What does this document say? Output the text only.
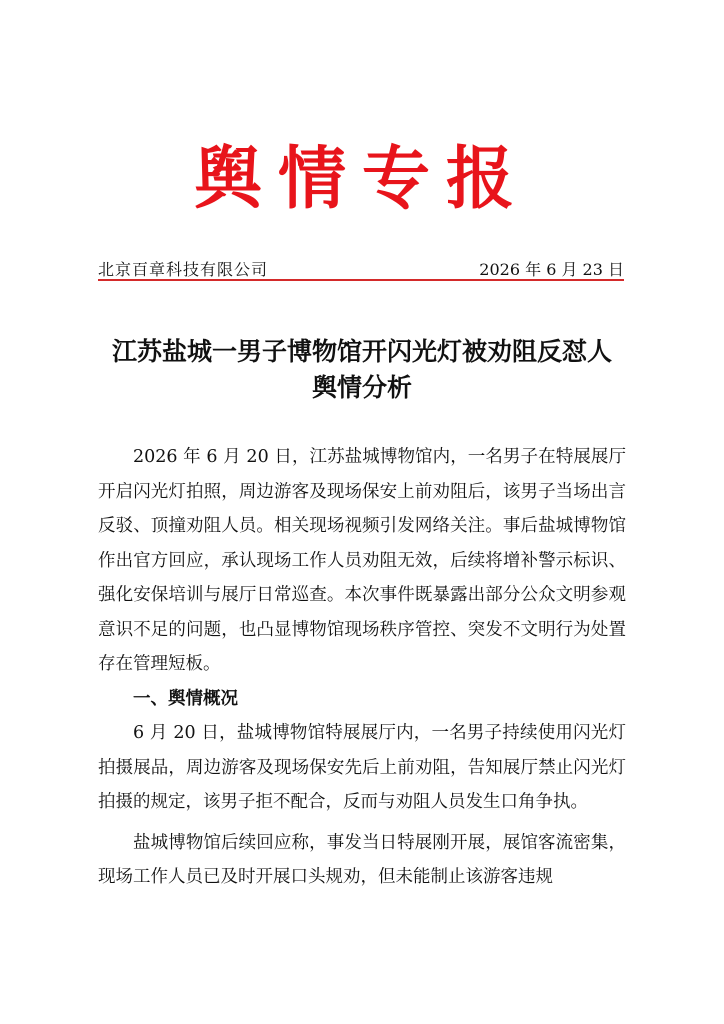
舆情专报
北京百章科技有限公司	2026 年 6 月 23 日
江苏盐城一男子博物馆开闪光灯被劝阻反怼人
舆情分析

2026 年 6 月 20 日，江苏盐城博物馆内，一名男子在特展展厅开启闪光灯拍照，周边游客及现场保安上前劝阻后，该男子当场出言反驳、顶撞劝阻人员。相关现场视频引发网络关注。事后盐城博物馆作出官方回应，承认现场工作人员劝阻无效，后续将增补警示标识、强化安保培训与展厅日常巡查。本次事件既暴露出部分公众文明参观意识不足的问题，也凸显博物馆现场秩序管控、突发不文明行为处置存在管理短板。

一、舆情概况

6 月 20 日，盐城博物馆特展展厅内，一名男子持续使用闪光灯拍摄展品，周边游客及现场保安先后上前劝阻，告知展厅禁止闪光灯拍摄的规定，该男子拒不配合，反而与劝阻人员发生口角争执。

盐城博物馆后续回应称，事发当日特展刚开展，展馆客流密集，现场工作人员已及时开展口头规劝，但未能制止该游客违规
